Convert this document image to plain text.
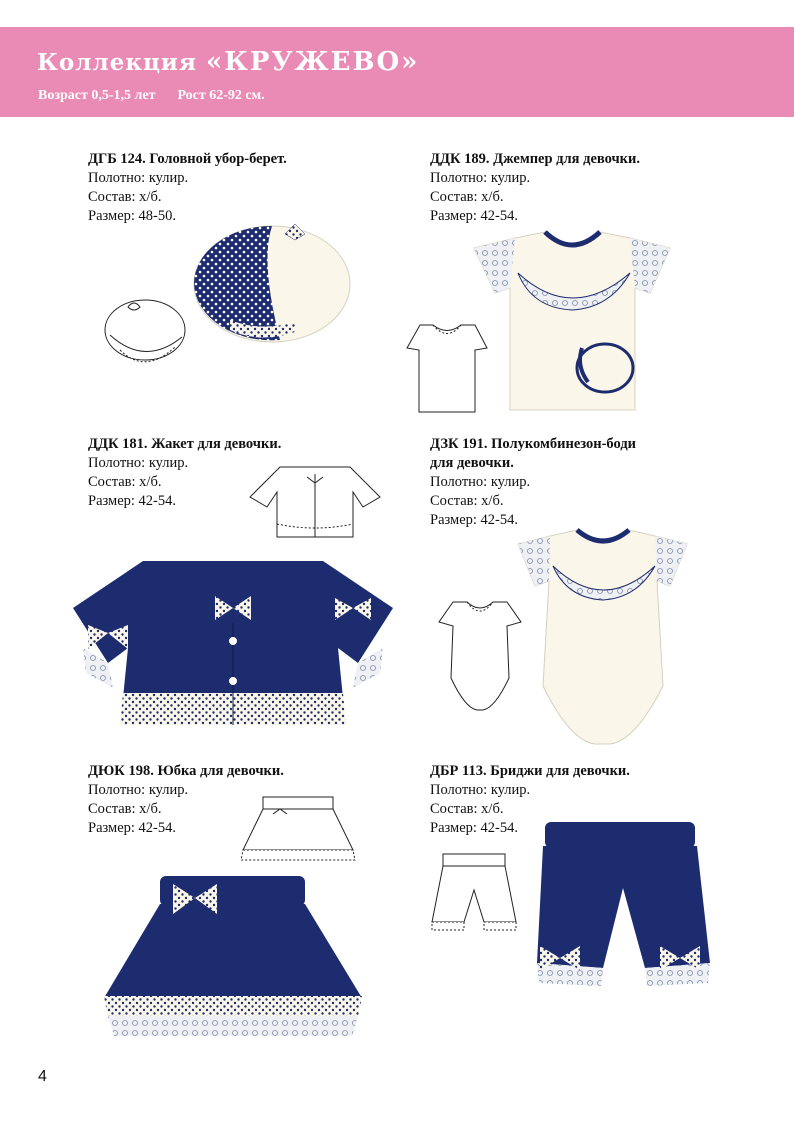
Коллекция «КРУЖЕВО»
Возраст 0,5-1,5 лет Рост 62-92 см.
ДГБ 124. Головной убор-берет.
Полотно: кулир.
Состав: х/б.
Размер: 48-50.
ДДК 189. Джемпер для девочки.
Полотно: кулир.
Состав: х/б.
Размер: 42-54.
ДДК 181. Жакет для девочки.
Полотно: кулир.
Состав: х/б.
Размер: 42-54.
ДЗК 191. Полукомбинезон-боди
для девочки.
Полотно: кулир.
Состав: х/б.
Размер: 42-54.
ДЮК 198. Юбка для девочки.
Полотно: кулир.
Состав: х/б.
Размер: 42-54.
ДБР 113. Бриджи для девочки.
Полотно: кулир.
Состав: х/б.
Размер: 42-54.
4
